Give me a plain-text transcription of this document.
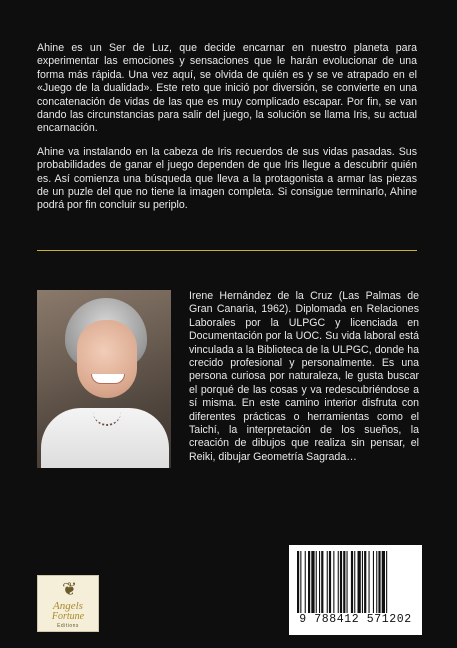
Ahine es un Ser de Luz, que decide encarnar en nuestro planeta para experimentar las emociones y sensaciones que le harán evolucionar de una forma más rápida. Una vez aquí, se olvida de quién es y se ve atrapado en el «Juego de la dualidad». Este reto que inició por diversión, se convierte en una concatenación de vidas de las que es muy complicado escapar. Por fin, se van dando las circunstancias para salir del juego, la solución se llama Iris, su actual encarnación.

Ahine va instalando en la cabeza de Iris recuerdos de sus vidas pasadas. Sus probabilidades de ganar el juego dependen de que Iris llegue a descubrir quién es. Así comienza una búsqueda que lleva a la protagonista a armar las piezas de un puzle del que no tiene la imagen completa. Si consigue terminarlo, Ahine podrá por fin concluir su periplo.

Irene Hernández de la Cruz (Las Palmas de Gran Canaria, 1962). Diplomada en Relaciones Laborales por la ULPGC y licenciada en Documentación por la UOC. Su vida laboral está vinculada a la Biblioteca de la ULPGC, donde ha crecido profesional y personalmente. Es una persona curiosa por naturaleza, le gusta buscar el porqué de las cosas y va redescubriéndose a sí misma. En este camino interior disfruta con diferentes prácticas o herramientas como el Taichí, la interpretación de los sueños, la creación de dibujos que realiza sin pensar, el Reiki, dibujar Geometría Sagrada…
❦
Angels
Fortune
Editions	9 788412 571202
